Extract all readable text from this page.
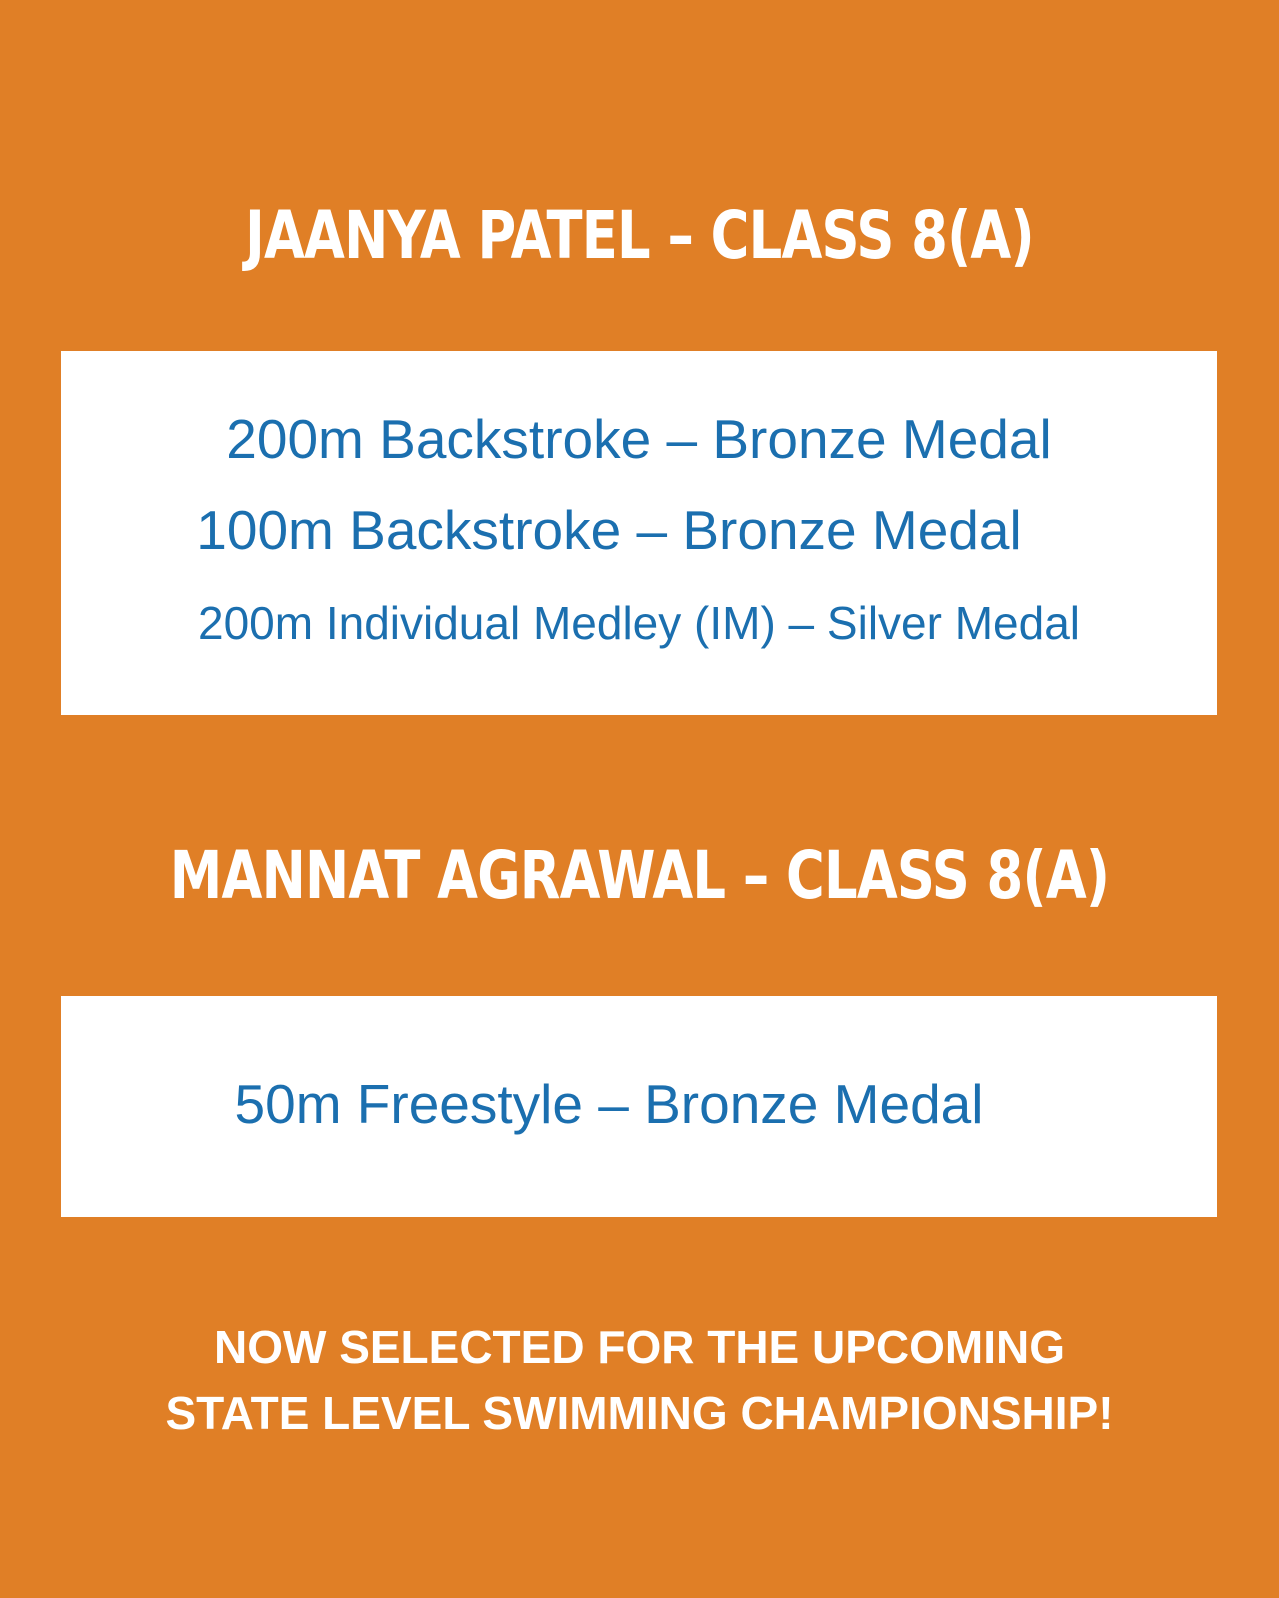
JAANYA PATEL – CLASS 8(A)
200m Backstroke – Bronze Medal
100m Backstroke – Bronze Medal
200m Individual Medley (IM) – Silver Medal
MANNAT AGRAWAL – CLASS 8(A)
50m Freestyle – Bronze Medal
NOW SELECTED FOR THE UPCOMING
STATE LEVEL SWIMMING CHAMPIONSHIP!
